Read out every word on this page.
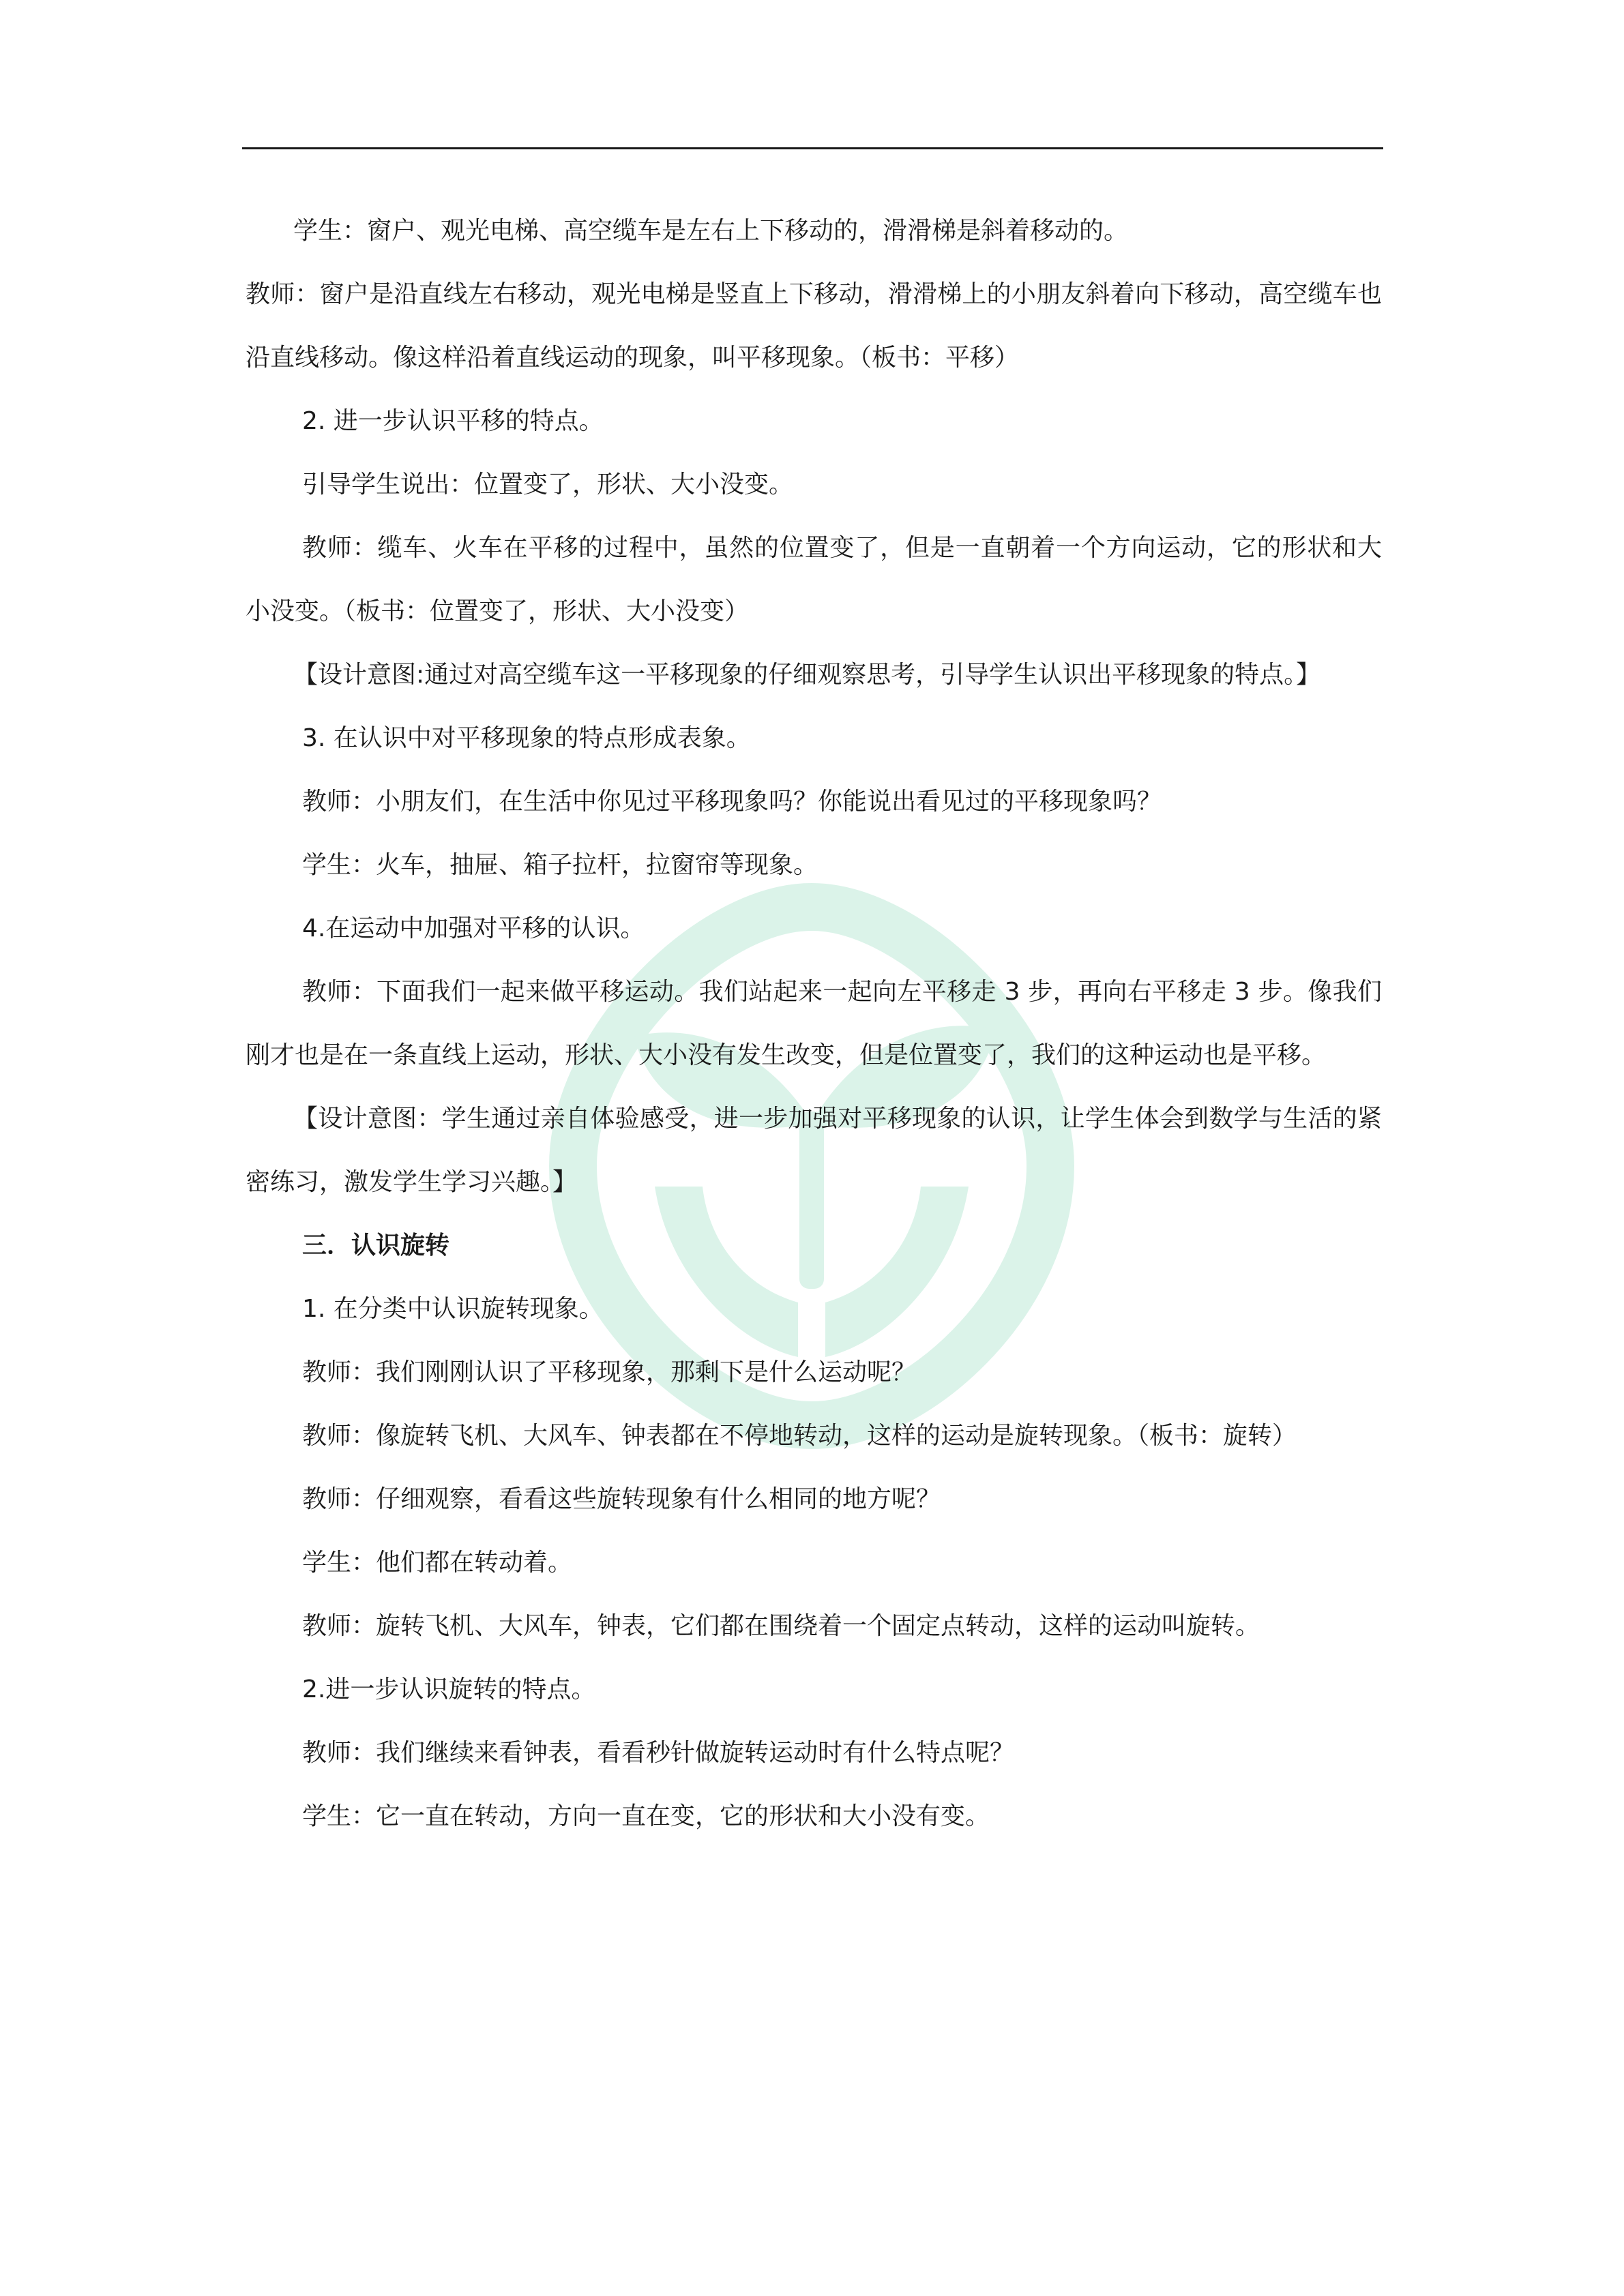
学生：窗户、观光电梯、高空缆车是左右上下移动的，滑滑梯是斜着移动的。

教师：窗户是沿直线左右移动，观光电梯是竖直上下移动，滑滑梯上的小朋友斜着向下移动，高空缆车也沿直线移动。像这样沿着直线运动的现象，叫平移现象。（板书：平移）

2. 进一步认识平移的特点。

引导学生说出：位置变了，形状、大小没变。

教师：缆车、火车在平移的过程中，虽然的位置变了，但是一直朝着一个方向运动，它的形状和大小没变。（板书：位置变了，形状、大小没变）

【设计意图:通过对高空缆车这一平移现象的仔细观察思考，引导学生认识出平移现象的特点。】

3. 在认识中对平移现象的特点形成表象。

教师：小朋友们，在生活中你见过平移现象吗？你能说出看见过的平移现象吗？

学生：火车，抽屉、箱子拉杆，拉窗帘等现象。

4.在运动中加强对平移的认识。

教师：下面我们一起来做平移运动。我们站起来一起向左平移走 3 步，再向右平移走 3 步。像我们刚才也是在一条直线上运动，形状、大小没有发生改变，但是位置变了，我们的这种运动也是平移。

【设计意图：学生通过亲自体验感受，进一步加强对平移现象的认识，让学生体会到数学与生活的紧密练习，激发学生学习兴趣。】

三．认识旋转

1. 在分类中认识旋转现象。

教师：我们刚刚认识了平移现象，那剩下是什么运动呢？

教师：像旋转飞机、大风车、钟表都在不停地转动，这样的运动是旋转现象。（板书：旋转）

教师：仔细观察，看看这些旋转现象有什么相同的地方呢？

学生：他们都在转动着。

教师：旋转飞机、大风车，钟表，它们都在围绕着一个固定点转动，这样的运动叫旋转。

2.进一步认识旋转的特点。

教师：我们继续来看钟表，看看秒针做旋转运动时有什么特点呢？

学生：它一直在转动，方向一直在变，它的形状和大小没有变。
